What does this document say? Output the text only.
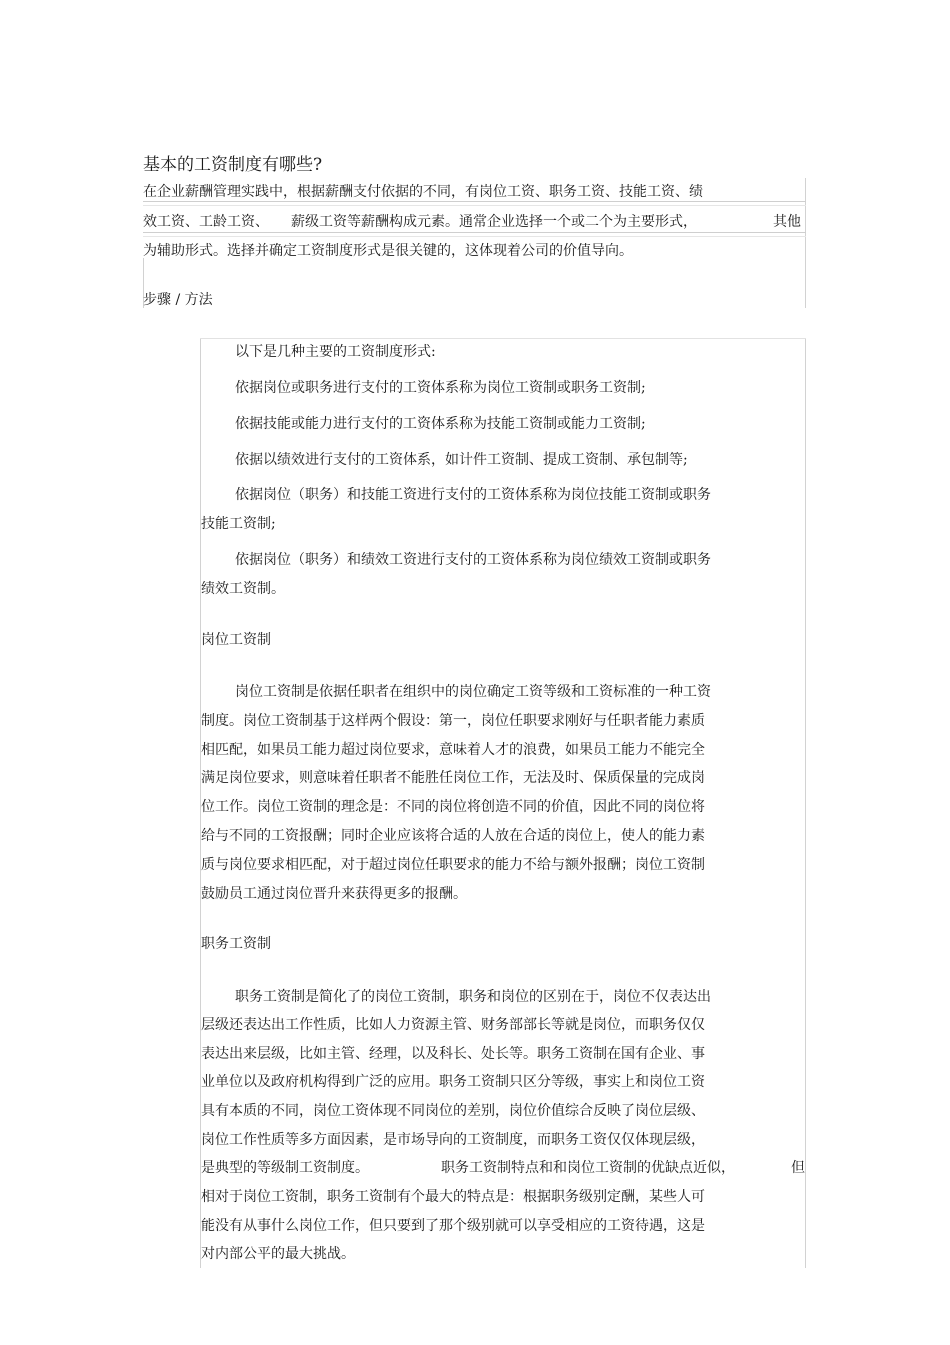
基本的工资制度有哪些?
在企业薪酬管理实践中，根据薪酬支付依据的不同，有岗位工资、职务工资、技能工资、绩
效工资、工龄工资、 薪级工资等薪酬构成元素。通常企业选择一个或二个为主要形式，	其他
为辅助形式。选择并确定工资制度形式是很关键的，这体现着公司的价值导向。
步骤 / 方法
以下是几种主要的工资制度形式:
依据岗位或职务进行支付的工资体系称为岗位工资制或职务工资制;
依据技能或能力进行支付的工资体系称为技能工资制或能力工资制;
依据以绩效进行支付的工资体系，如计件工资制、提成工资制、承包制等;
依据岗位（职务）和技能工资进行支付的工资体系称为岗位技能工资制或职务
技能工资制;
依据岗位（职务）和绩效工资进行支付的工资体系称为岗位绩效工资制或职务
绩效工资制。
岗位工资制
岗位工资制是依据任职者在组织中的岗位确定工资等级和工资标准的一种工资
制度。岗位工资制基于这样两个假设：第一，岗位任职要求刚好与任职者能力素质
相匹配，如果员工能力超过岗位要求，意味着人才的浪费，如果员工能力不能完全
满足岗位要求，则意味着任职者不能胜任岗位工作，无法及时、保质保量的完成岗
位工作。岗位工资制的理念是：不同的岗位将创造不同的价值，因此不同的岗位将
给与不同的工资报酬；同时企业应该将合适的人放在合适的岗位上，使人的能力素
质与岗位要求相匹配，对于超过岗位任职要求的能力不给与额外报酬；岗位工资制
鼓励员工通过岗位晋升来获得更多的报酬。
职务工资制
职务工资制是简化了的岗位工资制，职务和岗位的区别在于，岗位不仅表达出
层级还表达出工作性质，比如人力资源主管、财务部部长等就是岗位，而职务仅仅
表达出来层级，比如主管、经理，以及科长、处长等。职务工资制在国有企业、事
业单位以及政府机构得到广泛的应用。职务工资制只区分等级，事实上和岗位工资
具有本质的不同，岗位工资体现不同岗位的差别，岗位价值综合反映了岗位层级、
岗位工作性质等多方面因素，是市场导向的工资制度，而职务工资仅仅体现层级，
是典型的等级制工资制度。	职务工资制特点和和岗位工资制的优缺点近似，	但
相对于岗位工资制，职务工资制有个最大的特点是：根据职务级别定酬，某些人可
能没有从事什么岗位工作，但只要到了那个级别就可以享受相应的工资待遇，这是
对内部公平的最大挑战。
